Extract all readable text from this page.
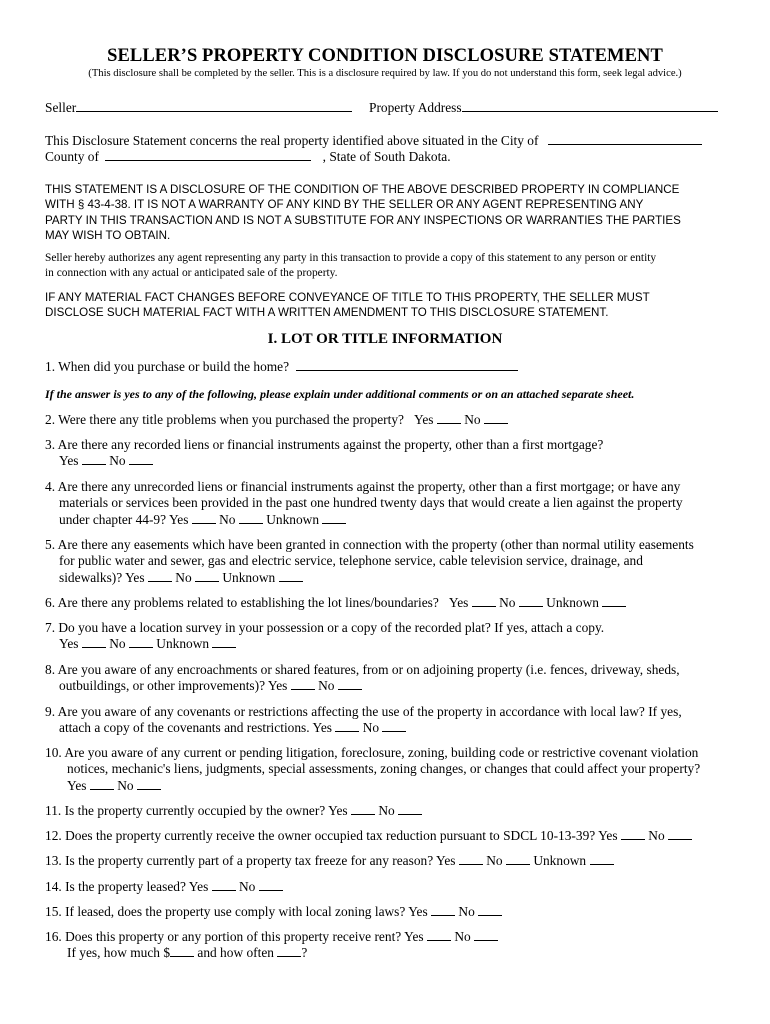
SELLER’S PROPERTY CONDITION DISCLOSURE STATEMENT
(This disclosure shall be completed by the seller. This is a disclosure required by law. If you do not understand this form, seek legal advice.)
Seller	Property Address
This Disclosure Statement concerns the real property identified above situated in the City of
County of	, State of South Dakota.
THIS STATEMENT IS A DISCLOSURE OF THE CONDITION OF THE ABOVE DESCRIBED PROPERTY IN COMPLIANCE
WITH § 43-4-38. IT IS NOT A WARRANTY OF ANY KIND BY THE SELLER OR ANY AGENT REPRESENTING ANY
PARTY IN THIS TRANSACTION AND IS NOT A SUBSTITUTE FOR ANY INSPECTIONS OR WARRANTIES THE PARTIES
MAY WISH TO OBTAIN.
Seller hereby authorizes any agent representing any party in this transaction to provide a copy of this statement to any person or entity
in connection with any actual or anticipated sale of the property.
IF ANY MATERIAL FACT CHANGES BEFORE CONVEYANCE OF TITLE TO THIS PROPERTY, THE SELLER MUST
DISCLOSE SUCH MATERIAL FACT WITH A WRITTEN AMENDMENT TO THIS DISCLOSURE STATEMENT.
I. LOT OR TITLE INFORMATION
1. When did you purchase or build the home?
If the answer is yes to any of the following, please explain under additional comments or on an attached separate sheet.
2. Were there any title problems when you purchased the property? Yes No
3. Are there any recorded liens or financial instruments against the property, other than a first mortgage?
Yes No
4. Are there any unrecorded liens or financial instruments against the property, other than a first mortgage; or have any
materials or services been provided in the past one hundred twenty days that would create a lien against the property
under chapter 44-9? Yes No Unknown
5. Are there any easements which have been granted in connection with the property (other than normal utility easements
for public water and sewer, gas and electric service, telephone service, cable television service, drainage, and
sidewalks)? Yes No Unknown
6. Are there any problems related to establishing the lot lines/boundaries? Yes No Unknown
7. Do you have a location survey in your possession or a copy of the recorded plat? If yes, attach a copy.
Yes No Unknown
8. Are you aware of any encroachments or shared features, from or on adjoining property (i.e. fences, driveway, sheds,
outbuildings, or other improvements)? Yes No
9. Are you aware of any covenants or restrictions affecting the use of the property in accordance with local law? If yes,
attach a copy of the covenants and restrictions. Yes No
10. Are you aware of any current or pending litigation, foreclosure, zoning, building code or restrictive covenant violation
notices, mechanic's liens, judgments, special assessments, zoning changes, or changes that could affect your property?
Yes No
11. Is the property currently occupied by the owner? Yes No
12. Does the property currently receive the owner occupied tax reduction pursuant to SDCL 10-13-39? Yes No
13. Is the property currently part of a property tax freeze for any reason? Yes No Unknown
14. Is the property leased? Yes No
15. If leased, does the property use comply with local zoning laws? Yes No
16. Does this property or any portion of this property receive rent? Yes No
If yes, how much $ and how often ?
